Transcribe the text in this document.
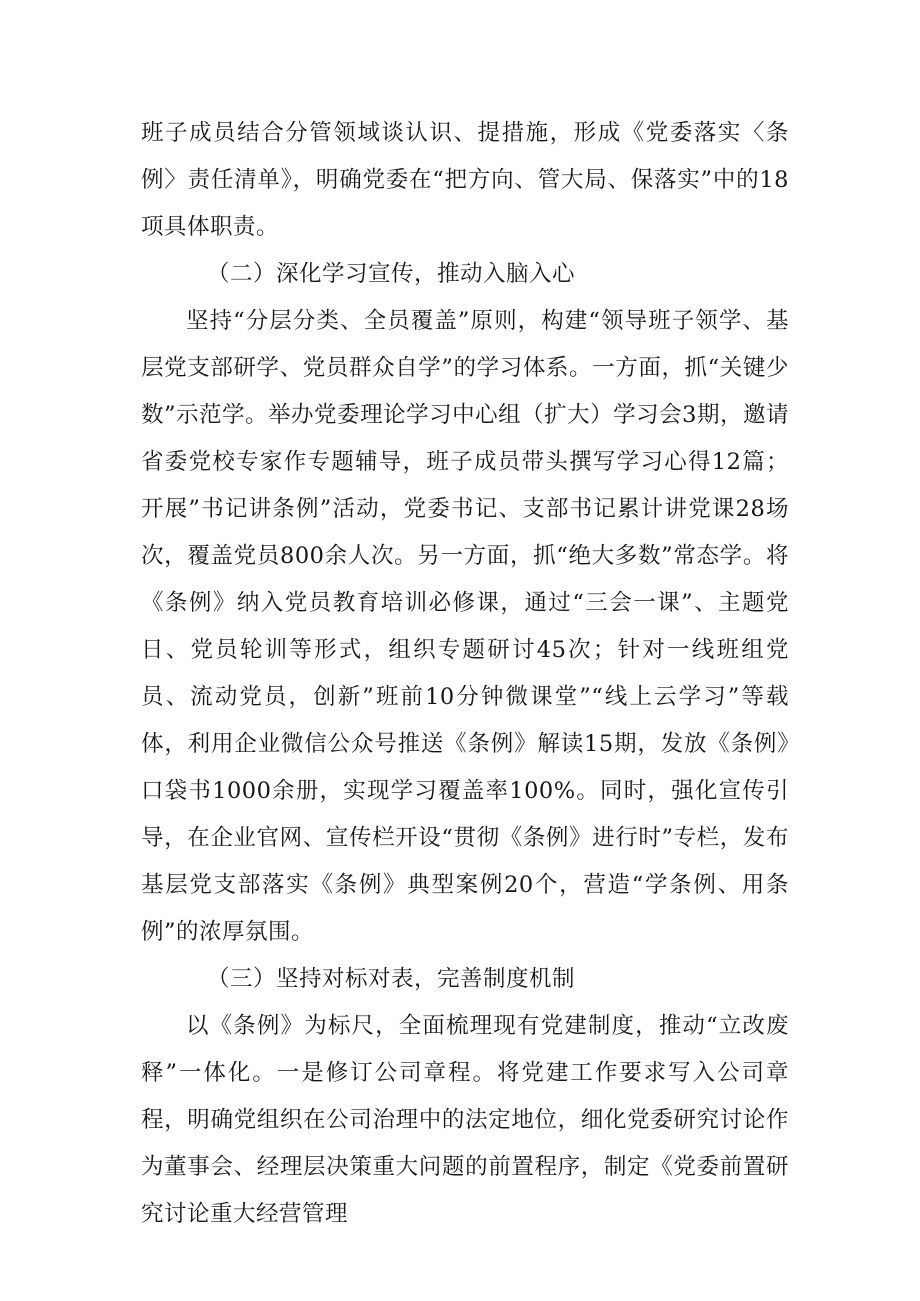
班子成员结合分管领域谈认识、提措施，形成《党委落实〈条例〉责任清单》，明确党委在“把方向、管大局、保落实”中的18项具体职责。

（二）深化学习宣传，推动入脑入心

坚持“分层分类、全员覆盖”原则，构建“领导班子领学、基层党支部研学、党员群众自学”的学习体系。一方面，抓“关键少数”示范学。举办党委理论学习中心组（扩大）学习会3期，邀请省委党校专家作专题辅导，班子成员带头撰写学习心得12篇；开展”书记讲条例”活动，党委书记、支部书记累计讲党课28场次，覆盖党员800余人次。另一方面，抓“绝大多数”常态学。将《条例》纳入党员教育培训必修课，通过“三会一课”、主题党日、党员轮训等形式，组织专题研讨45次；针对一线班组党员、流动党员，创新”班前10分钟微课堂”“线上云学习”等载体，利用企业微信公众号推送《条例》解读15期，发放《条例》口袋书1000余册，实现学习覆盖率100%。同时，强化宣传引导，在企业官网、宣传栏开设“贯彻《条例》进行时”专栏，发布基层党支部落实《条例》典型案例20个，营造“学条例、用条例”的浓厚氛围。

（三）坚持对标对表，完善制度机制

以《条例》为标尺，全面梳理现有党建制度，推动“立改废释”一体化。一是修订公司章程。将党建工作要求写入公司章程，明确党组织在公司治理中的法定地位，细化党委研究讨论作为董事会、经理层决策重大问题的前置程序，制定《党委前置研究讨论重大经营管理
